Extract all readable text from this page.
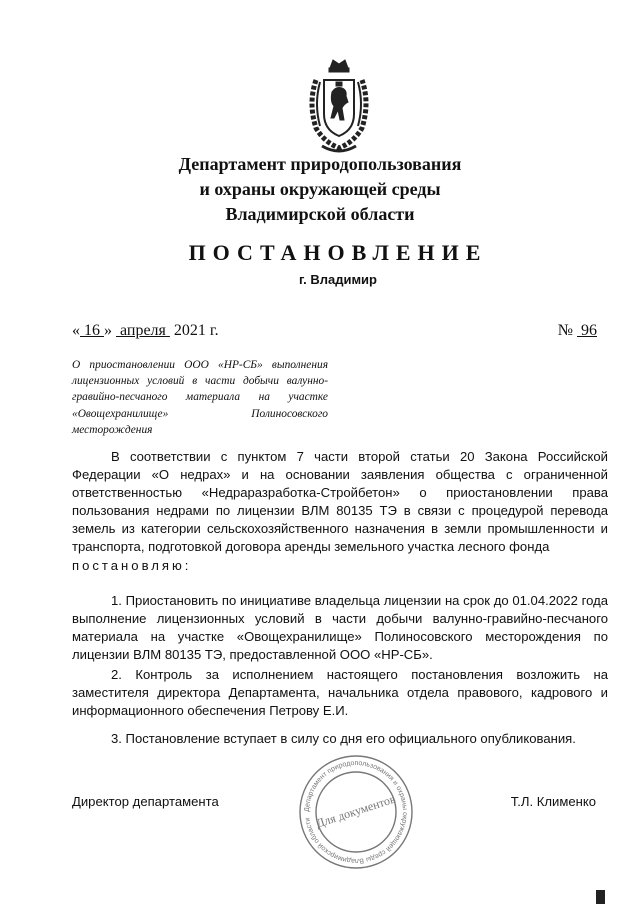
Департамент природопользования
и охраны окружающей среды
Владимирской области
ПОСТАНОВЛЕНИЕ
г. Владимир
« 16 » апреля 2021 г.	№ 96
О приостановлении ООО «НР-СБ» выполнения лицензионных условий в части добычи валунно-гравийно-песчаного материала на участке «Овощехранилище» Полиносовского месторождения
В соответствии с пунктом 7 части второй статьи 20 Закона Российской Федерации «О недрах» и на основании заявления общества с ограниченной ответственностью «Недраразработка-Стройбетон» о приостановлении права пользования недрами по лицензии ВЛМ 80135 ТЭ в связи с процедурой перевода земель из категории сельскохозяйственного назначения в земли промышленности и транспорта, подготовкой договора аренды земельного участка лесного фонда
постановляю:
1. Приостановить по инициативе владельца лицензии на срок до 01.04.2022 года выполнение лицензионных условий в части добычи валунно-гравийно-песчаного материала на участке «Овощехранилище» Полиносовского месторождения по лицензии ВЛМ 80135 ТЭ, предоставленной ООО «НР-СБ».
2. Контроль за исполнением настоящего постановления возложить на заместителя директора Департамента, начальника отдела правового, кадрового и информационного обеспечения Петрову Е.И.
3. Постановление вступает в силу со дня его официального опубликования.
Директор департамента	Т.Л. Клименко
Департамент природопользования и охраны окружающей среды Владимирской области Для документов
